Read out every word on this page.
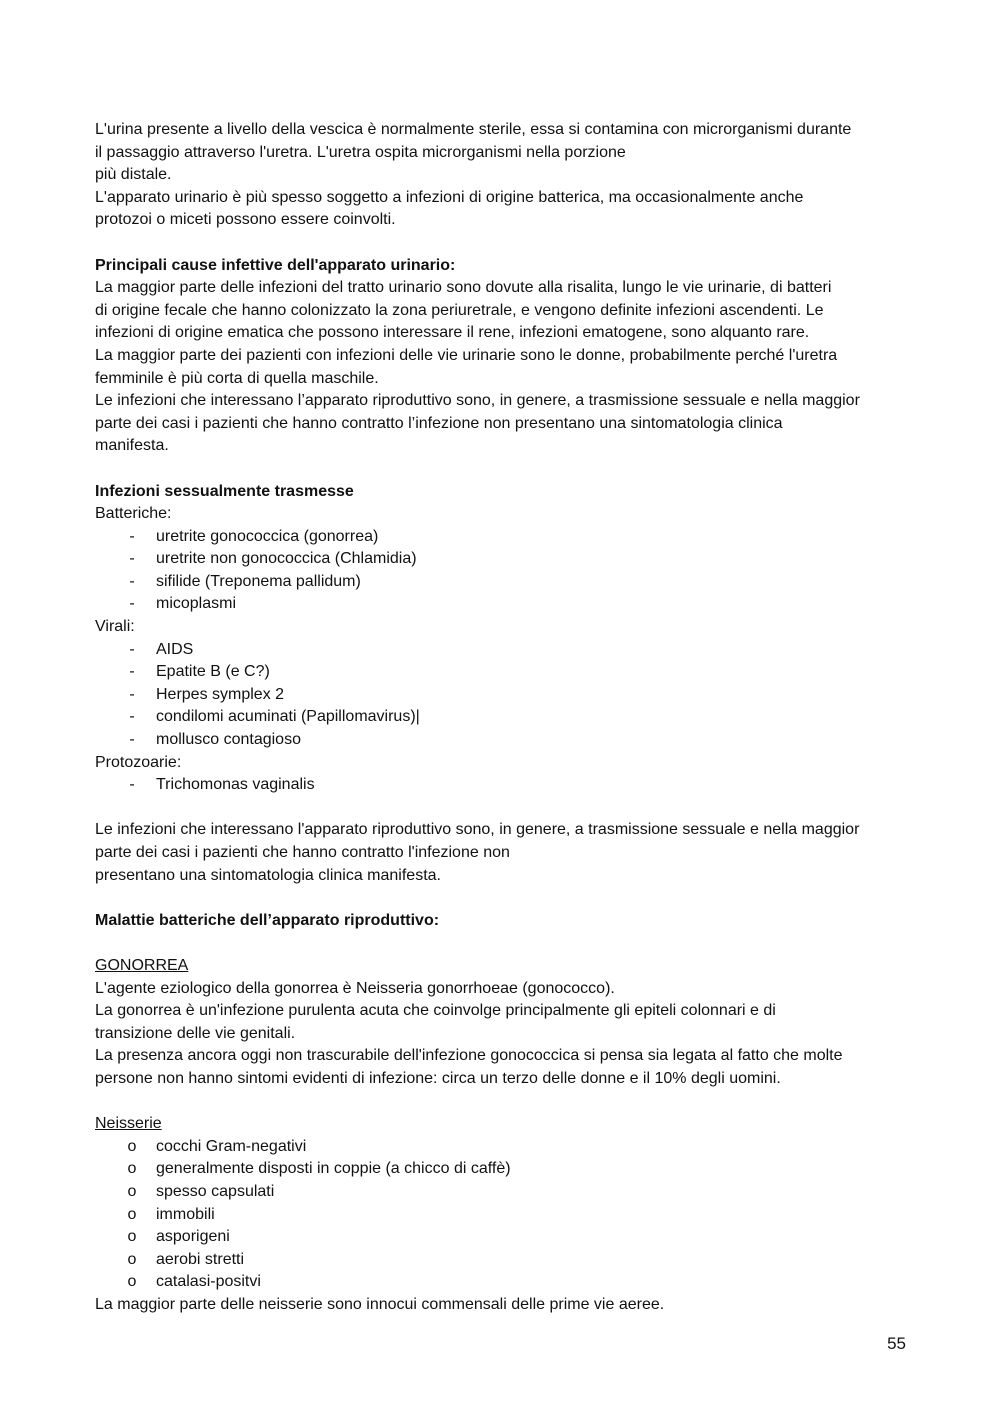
L'urina presente a livello della vescica è normalmente sterile, essa si contamina con microrganismi durante

il passaggio attraverso l'uretra. L'uretra ospita microrganismi nella porzione

più distale.

L'apparato urinario è più spesso soggetto a infezioni di origine batterica, ma occasionalmente anche

protozoi o miceti possono essere coinvolti.

Principali cause infettive dell'apparato urinario:

La maggior parte delle infezioni del tratto urinario sono dovute alla risalita, lungo le vie urinarie, di batteri

di origine fecale che hanno colonizzato la zona periuretrale, e vengono definite infezioni ascendenti. Le

infezioni di origine ematica che possono interessare il rene, infezioni ematogene, sono alquanto rare.

La maggior parte dei pazienti con infezioni delle vie urinarie sono le donne, probabilmente perché l'uretra

femminile è più corta di quella maschile.

Le infezioni che interessano l’apparato riproduttivo sono, in genere, a trasmissione sessuale e nella maggior

parte dei casi i pazienti che hanno contratto l’infezione non presentano una sintomatologia clinica

manifesta.

Infezioni sessualmente trasmesse

Batteriche:

- uretrite gonococcica (gonorrea)
- uretrite non gonococcica (Chlamidia)
- sifilide (Treponema pallidum)
- micoplasmi

Virali:

- AIDS
- Epatite B (e C?)
- Herpes symplex 2
- condilomi acuminati (Papillomavirus)|
- mollusco contagioso

Protozoarie:

- Trichomonas vaginalis

Le infezioni che interessano l'apparato riproduttivo sono, in genere, a trasmissione sessuale e nella maggior

parte dei casi i pazienti che hanno contratto l'infezione non

presentano una sintomatologia clinica manifesta.

Malattie batteriche dell’apparato riproduttivo:

GONORREA

L'agente eziologico della gonorrea è Neisseria gonorrhoeae (gonococco).

La gonorrea è un'infezione purulenta acuta che coinvolge principalmente gli epiteli colonnari e di

transizione delle vie genitali.

La presenza ancora oggi non trascurabile dell'infezione gonococcica si pensa sia legata al fatto che molte

persone non hanno sintomi evidenti di infezione: circa un terzo delle donne e il 10% degli uomini.

Neisserie

o cocchi Gram-negativi
o generalmente disposti in coppie (a chicco di caffè)
o spesso capsulati
o immobili
o asporigeni
o aerobi stretti
o catalasi-positvi

La maggior parte delle neisserie sono innocui commensali delle prime vie aeree.

55
